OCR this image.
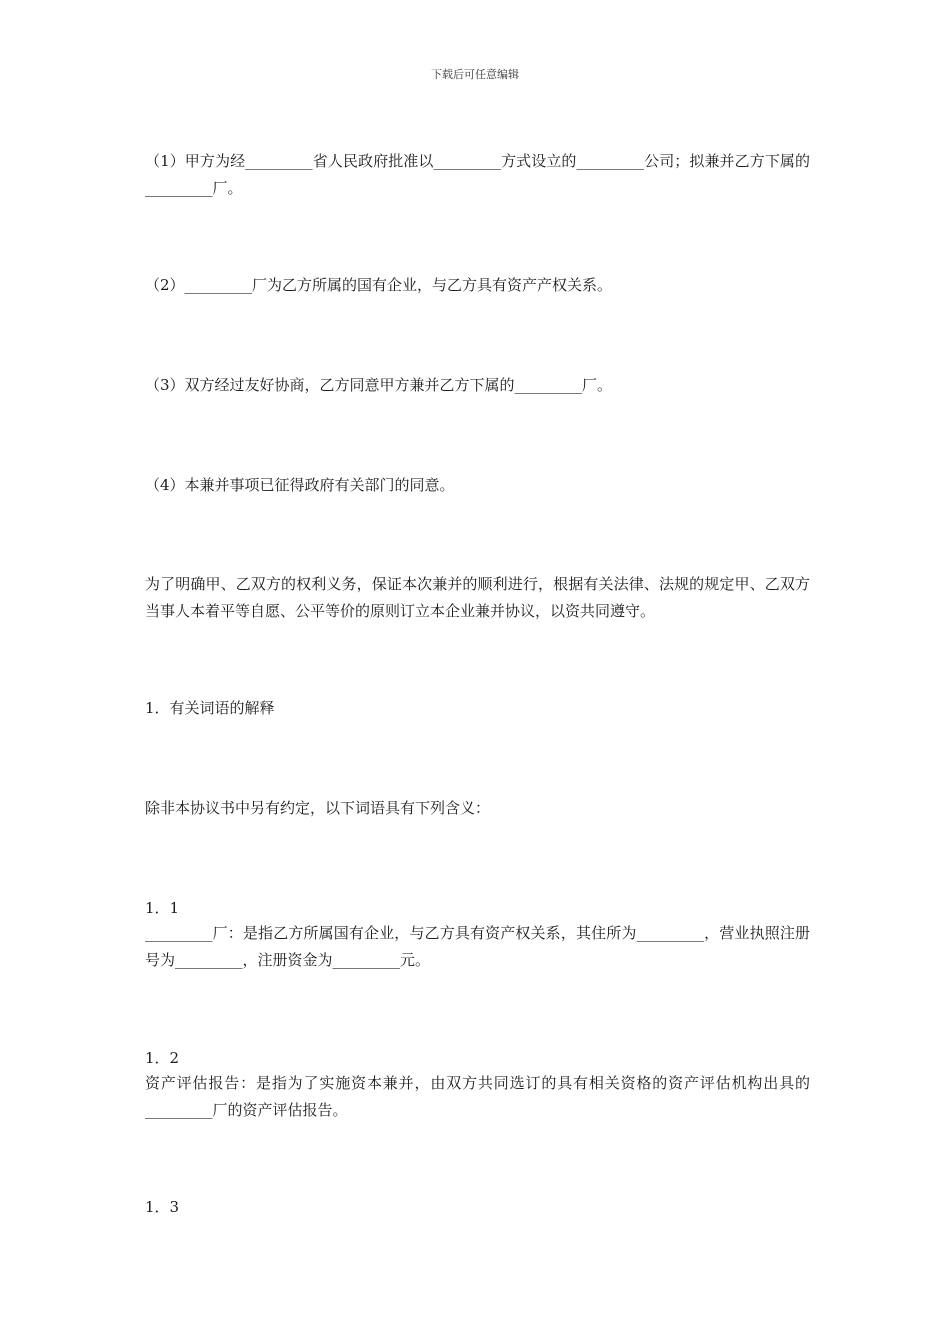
下载后可任意编辑
（1）甲方为经_________省人民政府批准以_________方式设立的_________公司；拟兼并乙方下属的_________厂。
（2）_________厂为乙方所属的国有企业，与乙方具有资产产权关系。
（3）双方经过友好协商，乙方同意甲方兼并乙方下属的_________厂。
（4）本兼并事项已征得政府有关部门的同意。
为了明确甲、乙双方的权利义务，保证本次兼并的顺利进行，根据有关法律、法规的规定甲、乙双方当事人本着平等自愿、公平等价的原则订立本企业兼并协议，以资共同遵守。
1．有关词语的解释
除非本协议书中另有约定，以下词语具有下列含义：
1．1
_________厂：是指乙方所属国有企业，与乙方具有资产权关系，其住所为_________，营业执照注册号为_________，注册资金为_________元。
1．2
资产评估报告：是指为了实施资本兼并，由双方共同选订的具有相关资格的资产评估机构出具的_________厂的资产评估报告。
1．3
